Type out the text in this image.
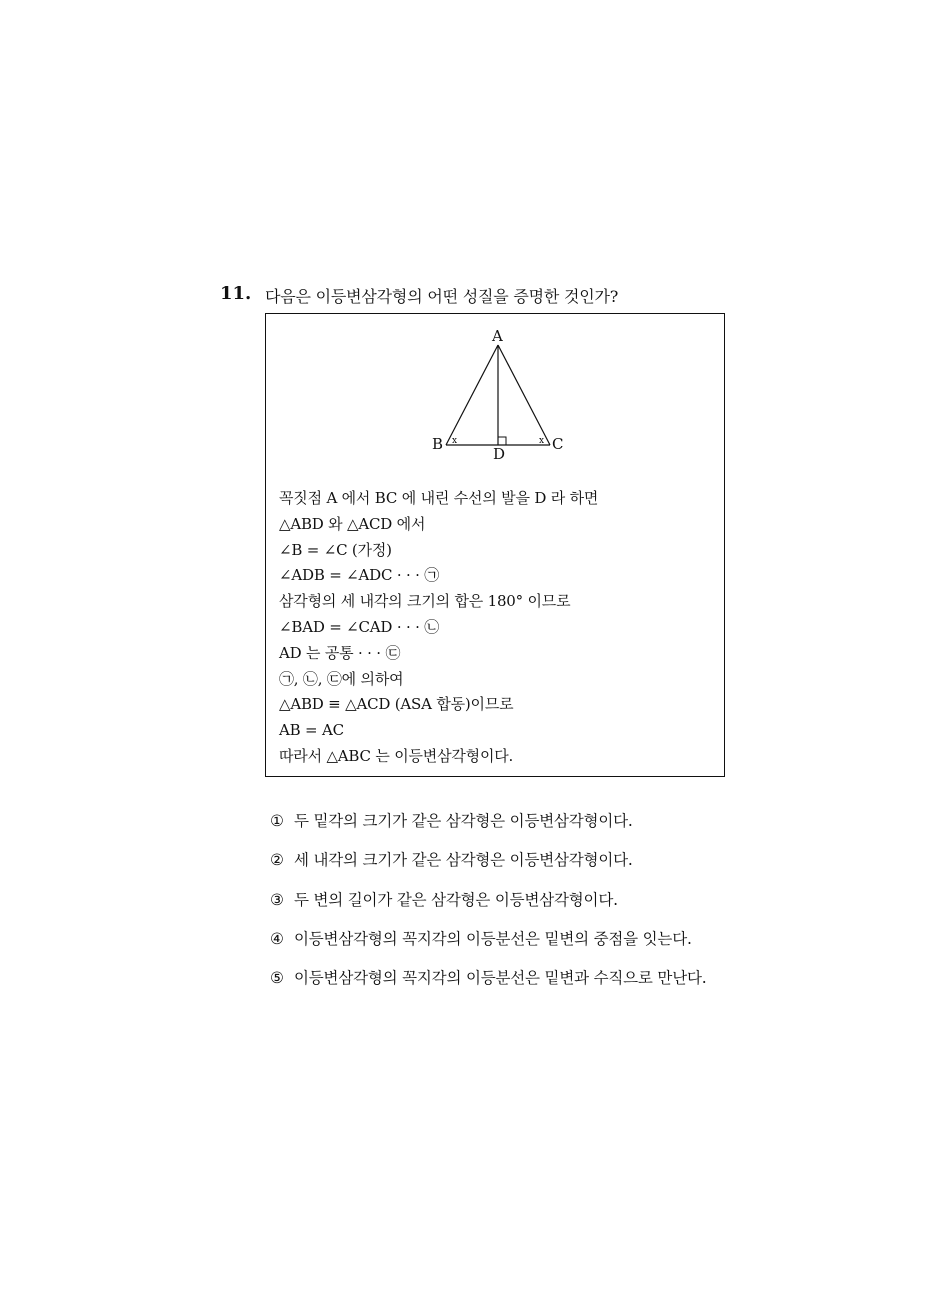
11. 다음은 이등변삼각형의 어떤 성질을 증명한 것인가?
x	x
A
B	C
D
꼭짓점 A 에서 BC 에 내린 수선의 발을 D 라 하면
△ABD 와 △ACD 에서
∠B = ∠C (가정)
∠ADB = ∠ADC · · · ㉠
삼각형의 세 내각의 크기의 합은 180° 이므로
∠BAD = ∠CAD · · · ㉡
AD 는 공통 · · · ㉢
㉠, ㉡, ㉢에 의하여
△ABD ≡ △ACD (ASA 합동)이므로
AB = AC
따라서 △ABC 는 이등변삼각형이다.
① 두 밑각의 크기가 같은 삼각형은 이등변삼각형이다.
② 세 내각의 크기가 같은 삼각형은 이등변삼각형이다.
③ 두 변의 길이가 같은 삼각형은 이등변삼각형이다.
④ 이등변삼각형의 꼭지각의 이등분선은 밑변의 중점을 잇는다.
⑤ 이등변삼각형의 꼭지각의 이등분선은 밑변과 수직으로 만난다.
